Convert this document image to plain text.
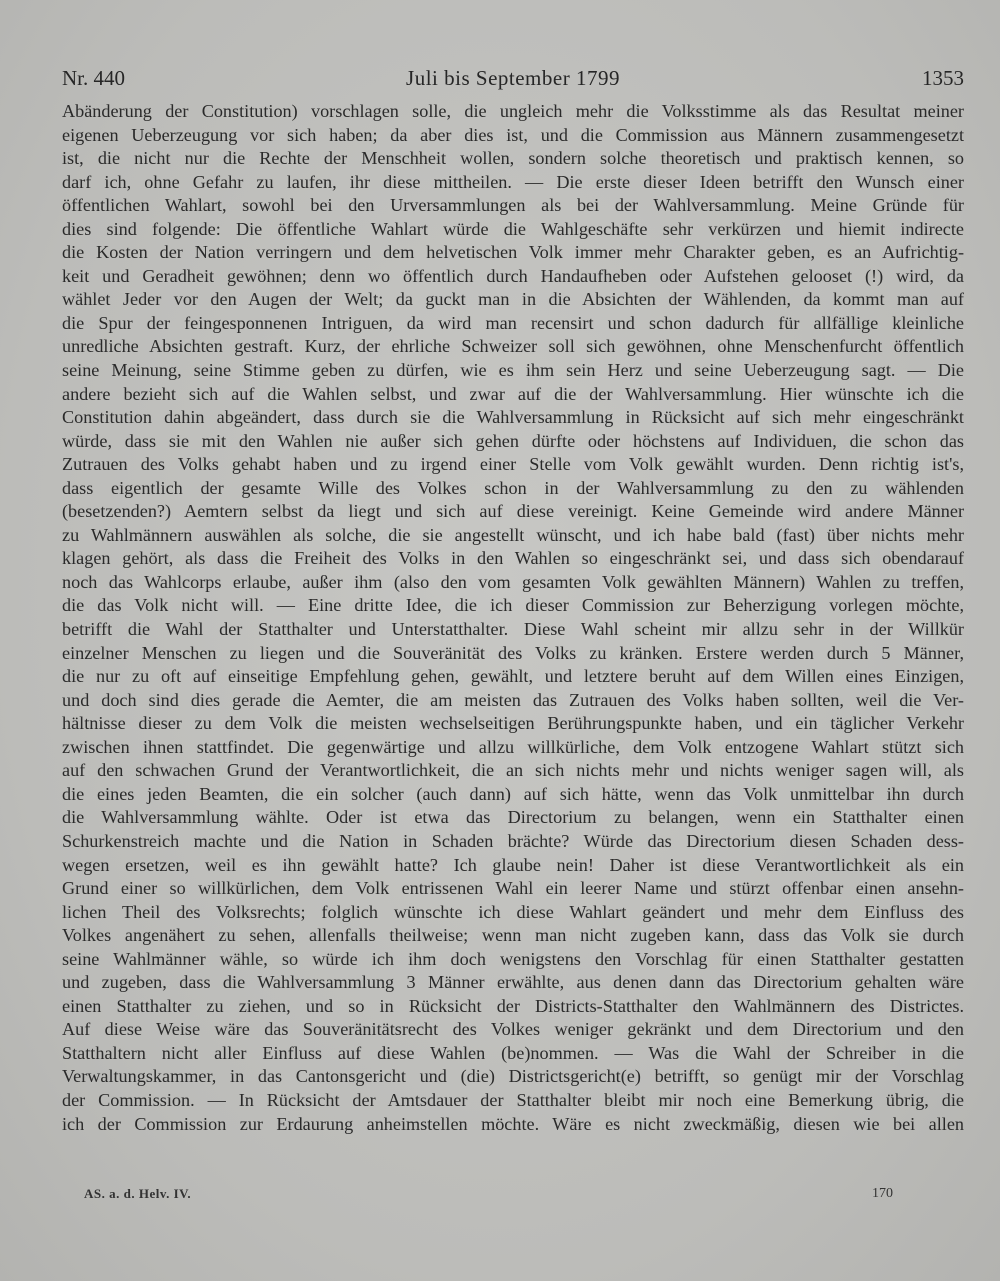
Nr. 440	Juli bis September 1799	1353
Abänderung der Constitution) vorschlagen solle, die ungleich mehr die Volksstimme als das Resultat meiner
eigenen Ueberzeugung vor sich haben; da aber dies ist, und die Commission aus Männern zusammengesetzt
ist, die nicht nur die Rechte der Menschheit wollen, sondern solche theoretisch und praktisch kennen, so
darf ich, ohne Gefahr zu laufen, ihr diese mittheilen. — Die erste dieser Ideen betrifft den Wunsch einer
öffentlichen Wahlart, sowohl bei den Urversammlungen als bei der Wahlversammlung. Meine Gründe für
dies sind folgende: Die öffentliche Wahlart würde die Wahlgeschäfte sehr verkürzen und hiemit indirecte
die Kosten der Nation verringern und dem helvetischen Volk immer mehr Charakter geben, es an Aufrichtig-
keit und Geradheit gewöhnen; denn wo öffentlich durch Handaufheben oder Aufstehen gelooset (!) wird, da
wählet Jeder vor den Augen der Welt; da guckt man in die Absichten der Wählenden, da kommt man auf
die Spur der feingesponnenen Intriguen, da wird man recensirt und schon dadurch für allfällige kleinliche
unredliche Absichten gestraft. Kurz, der ehrliche Schweizer soll sich gewöhnen, ohne Menschenfurcht öffentlich
seine Meinung, seine Stimme geben zu dürfen, wie es ihm sein Herz und seine Ueberzeugung sagt. — Die
andere bezieht sich auf die Wahlen selbst, und zwar auf die der Wahlversammlung. Hier wünschte ich die
Constitution dahin abgeändert, dass durch sie die Wahlversammlung in Rücksicht auf sich mehr eingeschränkt
würde, dass sie mit den Wahlen nie außer sich gehen dürfte oder höchstens auf Individuen, die schon das
Zutrauen des Volks gehabt haben und zu irgend einer Stelle vom Volk gewählt wurden. Denn richtig ist's,
dass eigentlich der gesamte Wille des Volkes schon in der Wahlversammlung zu den zu wählenden
(besetzenden?) Aemtern selbst da liegt und sich auf diese vereinigt. Keine Gemeinde wird andere Männer
zu Wahlmännern auswählen als solche, die sie angestellt wünscht, und ich habe bald (fast) über nichts mehr
klagen gehört, als dass die Freiheit des Volks in den Wahlen so eingeschränkt sei, und dass sich obendarauf
noch das Wahlcorps erlaube, außer ihm (also den vom gesamten Volk gewählten Männern) Wahlen zu treffen,
die das Volk nicht will. — Eine dritte Idee, die ich dieser Commission zur Beherzigung vorlegen möchte,
betrifft die Wahl der Statthalter und Unterstatthalter. Diese Wahl scheint mir allzu sehr in der Willkür
einzelner Menschen zu liegen und die Souveränität des Volks zu kränken. Erstere werden durch 5 Männer,
die nur zu oft auf einseitige Empfehlung gehen, gewählt, und letztere beruht auf dem Willen eines Einzigen,
und doch sind dies gerade die Aemter, die am meisten das Zutrauen des Volks haben sollten, weil die Ver-
hältnisse dieser zu dem Volk die meisten wechselseitigen Berührungspunkte haben, und ein täglicher Verkehr
zwischen ihnen stattfindet. Die gegenwärtige und allzu willkürliche, dem Volk entzogene Wahlart stützt sich
auf den schwachen Grund der Verantwortlichkeit, die an sich nichts mehr und nichts weniger sagen will, als
die eines jeden Beamten, die ein solcher (auch dann) auf sich hätte, wenn das Volk unmittelbar ihn durch
die Wahlversammlung wählte. Oder ist etwa das Directorium zu belangen, wenn ein Statthalter einen
Schurkenstreich machte und die Nation in Schaden brächte? Würde das Directorium diesen Schaden dess-
wegen ersetzen, weil es ihn gewählt hatte? Ich glaube nein! Daher ist diese Verantwortlichkeit als ein
Grund einer so willkürlichen, dem Volk entrissenen Wahl ein leerer Name und stürzt offenbar einen ansehn-
lichen Theil des Volksrechts; folglich wünschte ich diese Wahlart geändert und mehr dem Einfluss des
Volkes angenähert zu sehen, allenfalls theilweise; wenn man nicht zugeben kann, dass das Volk sie durch
seine Wahlmänner wähle, so würde ich ihm doch wenigstens den Vorschlag für einen Statthalter gestatten
und zugeben, dass die Wahlversammlung 3 Männer erwählte, aus denen dann das Directorium gehalten wäre
einen Statthalter zu ziehen, und so in Rücksicht der Districts-Statthalter den Wahlmännern des Districtes.
Auf diese Weise wäre das Souveränitätsrecht des Volkes weniger gekränkt und dem Directorium und den
Statthaltern nicht aller Einfluss auf diese Wahlen (be)nommen. — Was die Wahl der Schreiber in die
Verwaltungskammer, in das Cantonsgericht und (die) Districtsgericht(e) betrifft, so genügt mir der Vorschlag
der Commission. — In Rücksicht der Amtsdauer der Statthalter bleibt mir noch eine Bemerkung übrig, die
ich der Commission zur Erdaurung anheimstellen möchte. Wäre es nicht zweckmäßig, diesen wie bei allen
AS. a. d. Helv. IV.	170
